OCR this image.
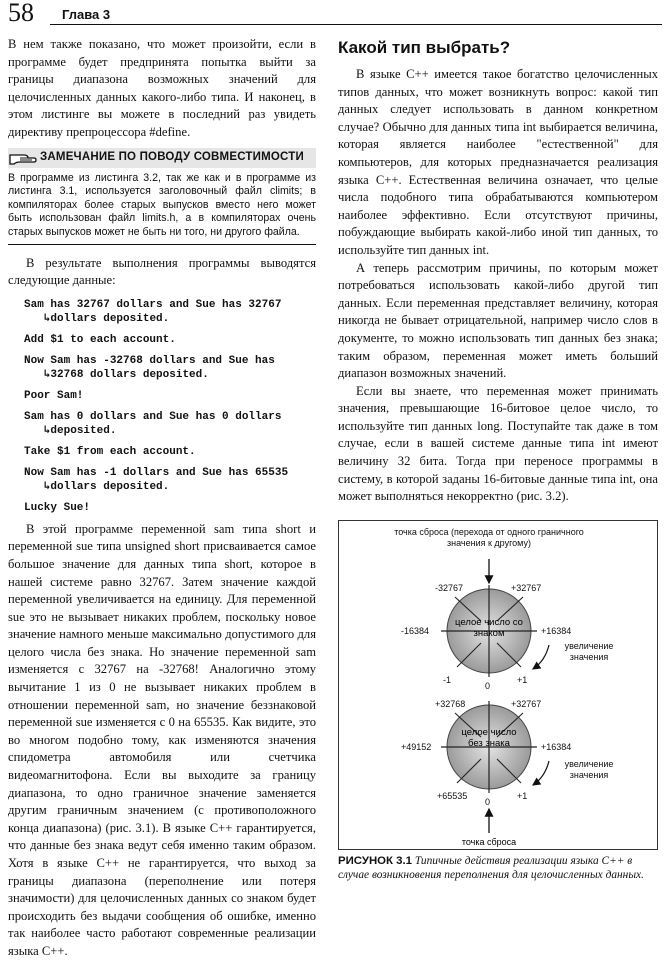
58 Глава 3

В нем также показано, что может произойти, если в программе будет предпринята попытка выйти за границы диапазона возможных значений для целочисленных данных какого-либо типа. И наконец, в этом листинге вы можете в последний раз увидеть директиву препроцессора #define.

ЗАМЕЧАНИЕ ПО ПОВОДУ СОВМЕСТИМОСТИ

В программе из листинга 3.2, так же как и в программе из листинга 3.1, используется заголовочный файл climits; в компиляторах более старых выпусков вместо него может быть использован файл limits.h, а в компиляторах очень старых выпусков может не быть ни того, ни другого файла.

В результате выполнения программы выводятся следующие данные:

Sam has 32767 dollars and Sue has 32767
↳dollars deposited.
Add $1 to each account.
Now Sam has -32768 dollars and Sue has
↳32768 dollars deposited.
Poor Sam!
Sam has 0 dollars and Sue has 0 dollars
↳deposited.
Take $1 from each account.
Now Sam has -1 dollars and Sue has 65535
↳dollars deposited.
Lucky Sue!

В этой программе переменной sam типа short и переменной sue типа unsigned short присваивается самое большое значение для данных типа short, которое в нашей системе равно 32767. Затем значение каждой переменной увеличивается на единицу. Для переменной sue это не вызывает никаких проблем, поскольку новое значение намного меньше максимально допустимого для целого числа без знака. Но значение переменной sam изменяется с 32767 на -32768! Аналогично этому вычитание 1 из 0 не вызывает никаких проблем в отношении переменной sam, но значение беззнаковой переменной sue изменяется с 0 на 65535. Как видите, это во многом подобно тому, как изменяются значения спидометра автомобиля или счетчика видеомагнитофона. Если вы выходите за границу диапазона, то одно граничное значение заменяется другим граничным значением (с противоположного конца диапазона) (рис. 3.1). В языке C++ гарантируется, что данные без знака ведут себя именно таким образом. Хотя в языке C++ не гарантируется, что выход за границы диапазона (переполнение или потеря значимости) для целочисленных данных со знаком будет происходить без выдачи сообщения об ошибке, именно так наиболее часто работают современные реализации языка C++.

Какой тип выбрать?

В языке C++ имеется такое богатство целочисленных типов данных, что может возникнуть вопрос: какой тип данных следует использовать в данном конкретном случае? Обычно для данных типа int выбирается величина, которая является наиболее "естественной" для компьютеров, для которых предназначается реализация языка C++. Естественная величина означает, что целые числа подобного типа обрабатываются компьютером наиболее эффективно. Если отсутствуют причины, побуждающие выбирать какой-либо иной тип данных, то используйте тип данных int.

А теперь рассмотрим причины, по которым может потребоваться использовать какой-либо другой тип данных. Если переменная представляет величину, которая никогда не бывает отрицательной, например число слов в документе, то можно использовать тип данных без знака; таким образом, переменная может иметь больший диапазон возможных значений.

Если вы знаете, что переменная может принимать значения, превышающие 16-битовое целое число, то используйте тип данных long. Поступайте так даже в том случае, если в вашей системе данные типа int имеют величину 32 бита. Тогда при переносе программы в систему, в которой заданы 16-битовые данные типа int, она может выполняться некорректно (рис. 3.2).

точка сброса (перехода от одного граничного значения к другому)
целое число со знаком
-32767	+32767
-16384	+16384
-1
0
+1
увеличение значения
целое число без знака
+32768	+32767
+49152	+16384
+65535
0
+1
увеличение значения
точка сброса

РИСУНОК 3.1 Типичные действия реализации языка C++ в случае возникновения переполнения для целочисленных данных.
